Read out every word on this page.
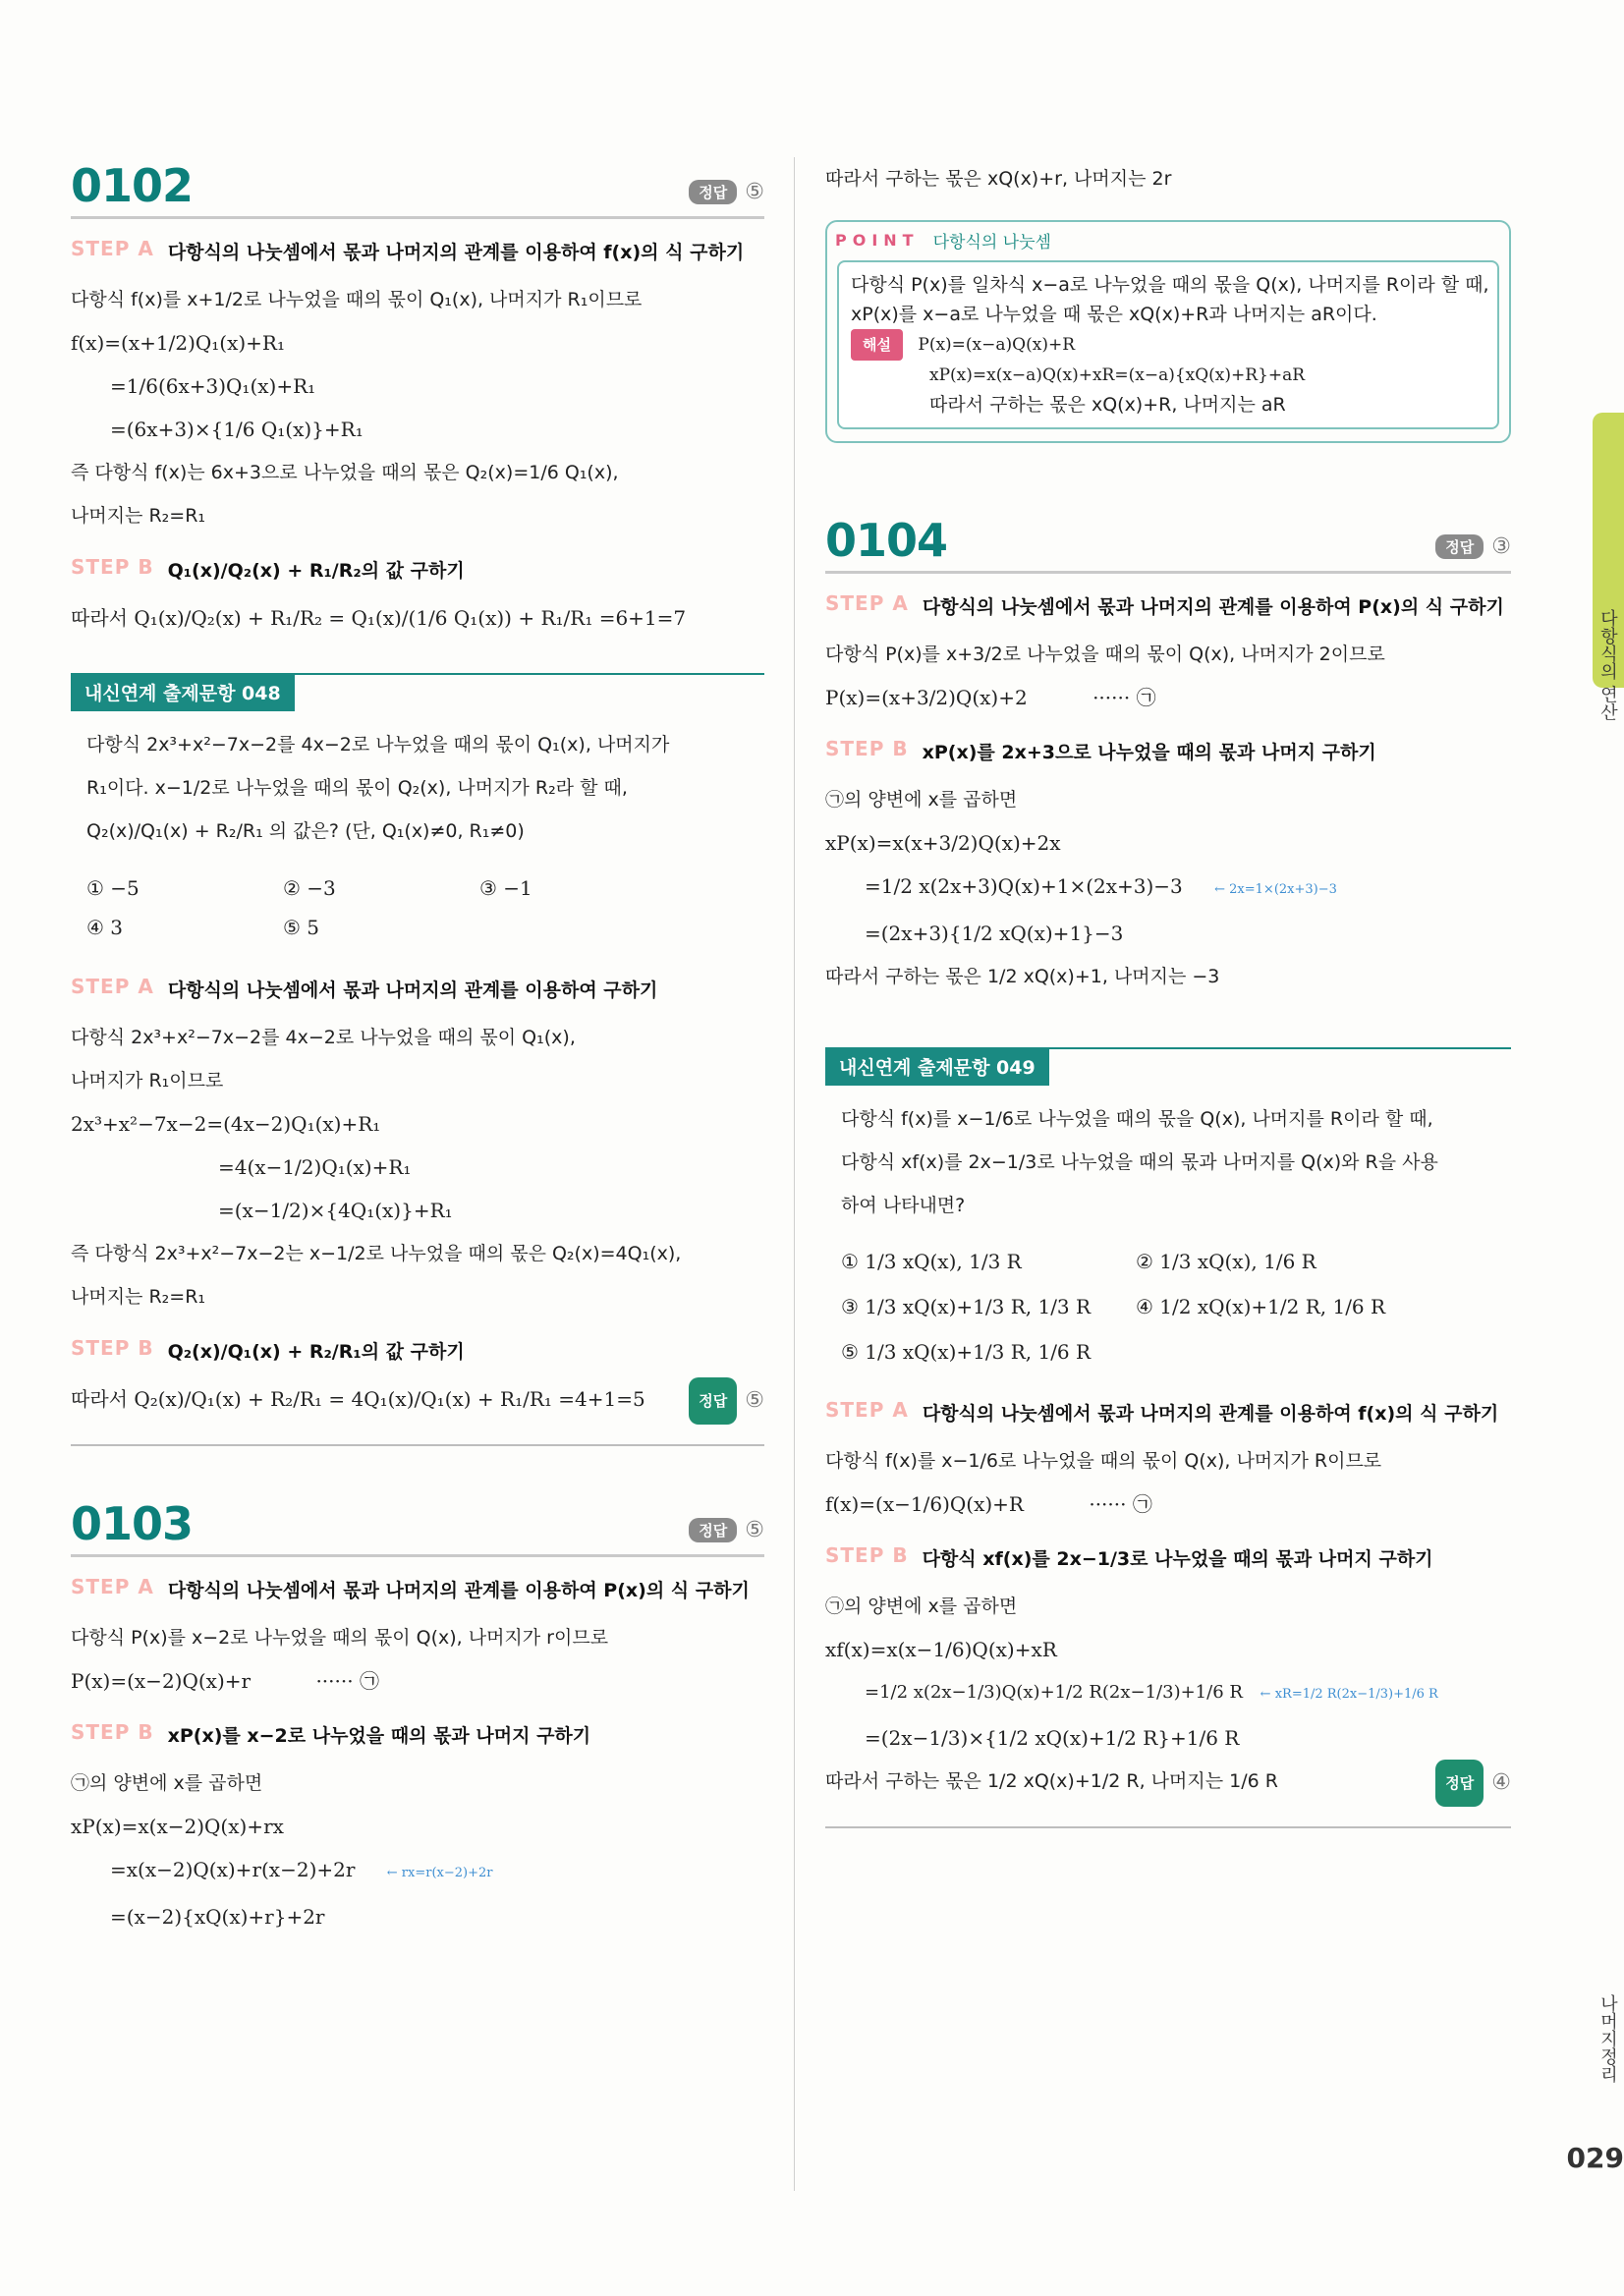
0102	정답 ⑤
STEP A 다항식의 나눗셈에서 몫과 나머지의 관계를 이용하여 f(x)의 식 구하기
다항식 f(x)를 x+1/2로 나누었을 때의 몫이 Q₁(x), 나머지가 R₁이므로
f(x)=(x+1/2)Q₁(x)+R₁
=1/6(6x+3)Q₁(x)+R₁
=(6x+3)×{1/6 Q₁(x)}+R₁
즉 다항식 f(x)는 6x+3으로 나누었을 때의 몫은 Q₂(x)=1/6 Q₁(x),
나머지는 R₂=R₁
STEP B Q₁(x)/Q₂(x) + R₁/R₂의 값 구하기
따라서 Q₁(x)/Q₂(x) + R₁/R₂ = Q₁(x)/(1/6 Q₁(x)) + R₁/R₁ =6+1=7
내신연계 출제문항 048
다항식 2x³+x²−7x−2를 4x−2로 나누었을 때의 몫이 Q₁(x), 나머지가
R₁이다. x−1/2로 나누었을 때의 몫이 Q₂(x), 나머지가 R₂라 할 때,
Q₂(x)/Q₁(x) + R₂/R₁ 의 값은? (단, Q₁(x)≠0, R₁≠0)
① −5	② −3	③ −1
④ 3	⑤ 5
STEP A 다항식의 나눗셈에서 몫과 나머지의 관계를 이용하여 구하기
다항식 2x³+x²−7x−2를 4x−2로 나누었을 때의 몫이 Q₁(x),
나머지가 R₁이므로
2x³+x²−7x−2=(4x−2)Q₁(x)+R₁
=4(x−1/2)Q₁(x)+R₁
=(x−1/2)×{4Q₁(x)}+R₁
즉 다항식 2x³+x²−7x−2는 x−1/2로 나누었을 때의 몫은 Q₂(x)=4Q₁(x),
나머지는 R₂=R₁
STEP B Q₂(x)/Q₁(x) + R₂/R₁의 값 구하기
따라서 Q₂(x)/Q₁(x) + R₂/R₁ = 4Q₁(x)/Q₁(x) + R₁/R₁ =4+1=5	정답 ⑤
0103	정답 ⑤
STEP A 다항식의 나눗셈에서 몫과 나머지의 관계를 이용하여 P(x)의 식 구하기
다항식 P(x)를 x−2로 나누었을 때의 몫이 Q(x), 나머지가 r이므로
P(x)=(x−2)Q(x)+r	······ ㉠
STEP B xP(x)를 x−2로 나누었을 때의 몫과 나머지 구하기
㉠의 양변에 x를 곱하면
xP(x)=x(x−2)Q(x)+rx
=x(x−2)Q(x)+r(x−2)+2r ← rx=r(x−2)+2r
=(x−2){xQ(x)+r}+2r
따라서 구하는 몫은 xQ(x)+r, 나머지는 2r
POINT 다항식의 나눗셈
다항식 P(x)를 일차식 x−a로 나누었을 때의 몫을 Q(x), 나머지를 R이라 할 때,
xP(x)를 x−a로 나누었을 때 몫은 xQ(x)+R과 나머지는 aR이다.
해설 P(x)=(x−a)Q(x)+R
xP(x)=x(x−a)Q(x)+xR=(x−a){xQ(x)+R}+aR
따라서 구하는 몫은 xQ(x)+R, 나머지는 aR
0104	정답 ③
STEP A 다항식의 나눗셈에서 몫과 나머지의 관계를 이용하여 P(x)의 식 구하기
다항식 P(x)를 x+3/2로 나누었을 때의 몫이 Q(x), 나머지가 2이므로
P(x)=(x+3/2)Q(x)+2	······ ㉠
STEP B xP(x)를 2x+3으로 나누었을 때의 몫과 나머지 구하기
㉠의 양변에 x를 곱하면
xP(x)=x(x+3/2)Q(x)+2x
=1/2 x(2x+3)Q(x)+1×(2x+3)−3 ← 2x=1×(2x+3)−3
=(2x+3){1/2 xQ(x)+1}−3
따라서 구하는 몫은 1/2 xQ(x)+1, 나머지는 −3
내신연계 출제문항 049
다항식 f(x)를 x−1/6로 나누었을 때의 몫을 Q(x), 나머지를 R이라 할 때,
다항식 xf(x)를 2x−1/3로 나누었을 때의 몫과 나머지를 Q(x)와 R을 사용
하여 나타내면?
① 1/3 xQ(x), 1/3 R	② 1/3 xQ(x), 1/6 R
③ 1/3 xQ(x)+1/3 R, 1/3 R	④ 1/2 xQ(x)+1/2 R, 1/6 R
⑤ 1/3 xQ(x)+1/3 R, 1/6 R
STEP A 다항식의 나눗셈에서 몫과 나머지의 관계를 이용하여 f(x)의 식 구하기
다항식 f(x)를 x−1/6로 나누었을 때의 몫이 Q(x), 나머지가 R이므로
f(x)=(x−1/6)Q(x)+R	······ ㉠
STEP B 다항식 xf(x)를 2x−1/3로 나누었을 때의 몫과 나머지 구하기
㉠의 양변에 x를 곱하면
xf(x)=x(x−1/6)Q(x)+xR
=1/2 x(2x−1/3)Q(x)+1/2 R(2x−1/3)+1/6 R ← xR=1/2 R(2x−1/3)+1/6 R
=(2x−1/3)×{1/2 xQ(x)+1/2 R}+1/6 R
따라서 구하는 몫은 1/2 xQ(x)+1/2 R, 나머지는 1/6 R	정답 ④
다항식의 연산
나머지정리
029
